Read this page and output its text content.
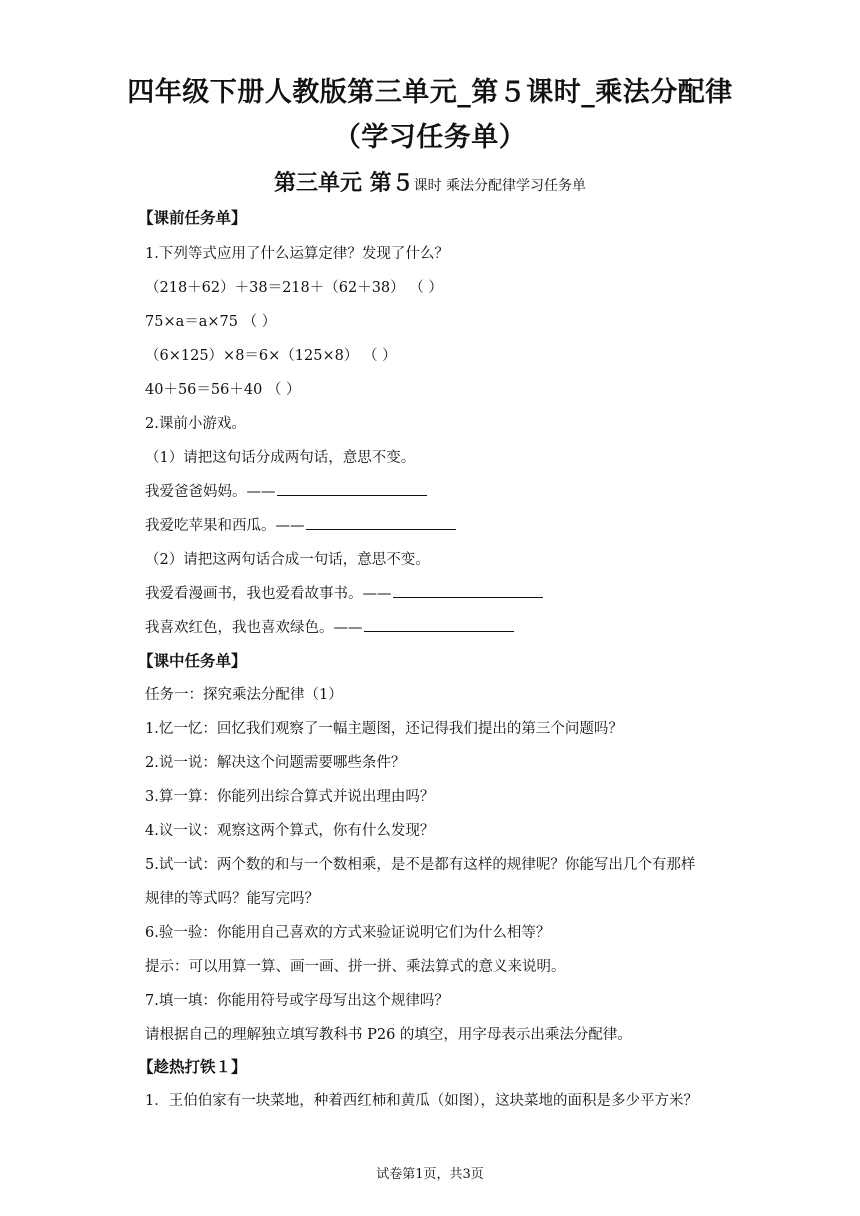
四年级下册人教版第三单元_第５课时_乘法分配律
（学习任务单）
第三单元 第５课时 乘法分配律学习任务单
【课前任务单】
1.下列等式应用了什么运算定律？发现了什么？
（218＋62）＋38＝218＋（62＋38） （ ）
75×a＝a×75 （ ）
（6×125）×8＝6×（125×8） （ ）
40＋56＝56＋40 （ ）
2.课前小游戏。
（1）请把这句话分成两句话，意思不变。
我爱爸爸妈妈。——
我爱吃苹果和西瓜。——
（2）请把这两句话合成一句话，意思不变。
我爱看漫画书，我也爱看故事书。——
我喜欢红色，我也喜欢绿色。——
【课中任务单】
任务一：探究乘法分配律（1）
1.忆一忆：回忆我们观察了一幅主题图，还记得我们提出的第三个问题吗？
2.说一说：解决这个问题需要哪些条件？
3.算一算：你能列出综合算式并说出理由吗？
4.议一议：观察这两个算式，你有什么发现？
5.试一试：两个数的和与一个数相乘，是不是都有这样的规律呢？你能写出几个有那样
规律的等式吗？能写完吗？
6.验一验：你能用自己喜欢的方式来验证说明它们为什么相等？
提示：可以用算一算、画一画、拼一拼、乘法算式的意义来说明。
7.填一填：你能用符号或字母写出这个规律吗？
请根据自己的理解独立填写教科书 P26 的填空，用字母表示出乘法分配律。
【趁热打铁１】
1．王伯伯家有一块菜地，种着西红柿和黄瓜（如图），这块菜地的面积是多少平方米？
试卷第1页，共3页
